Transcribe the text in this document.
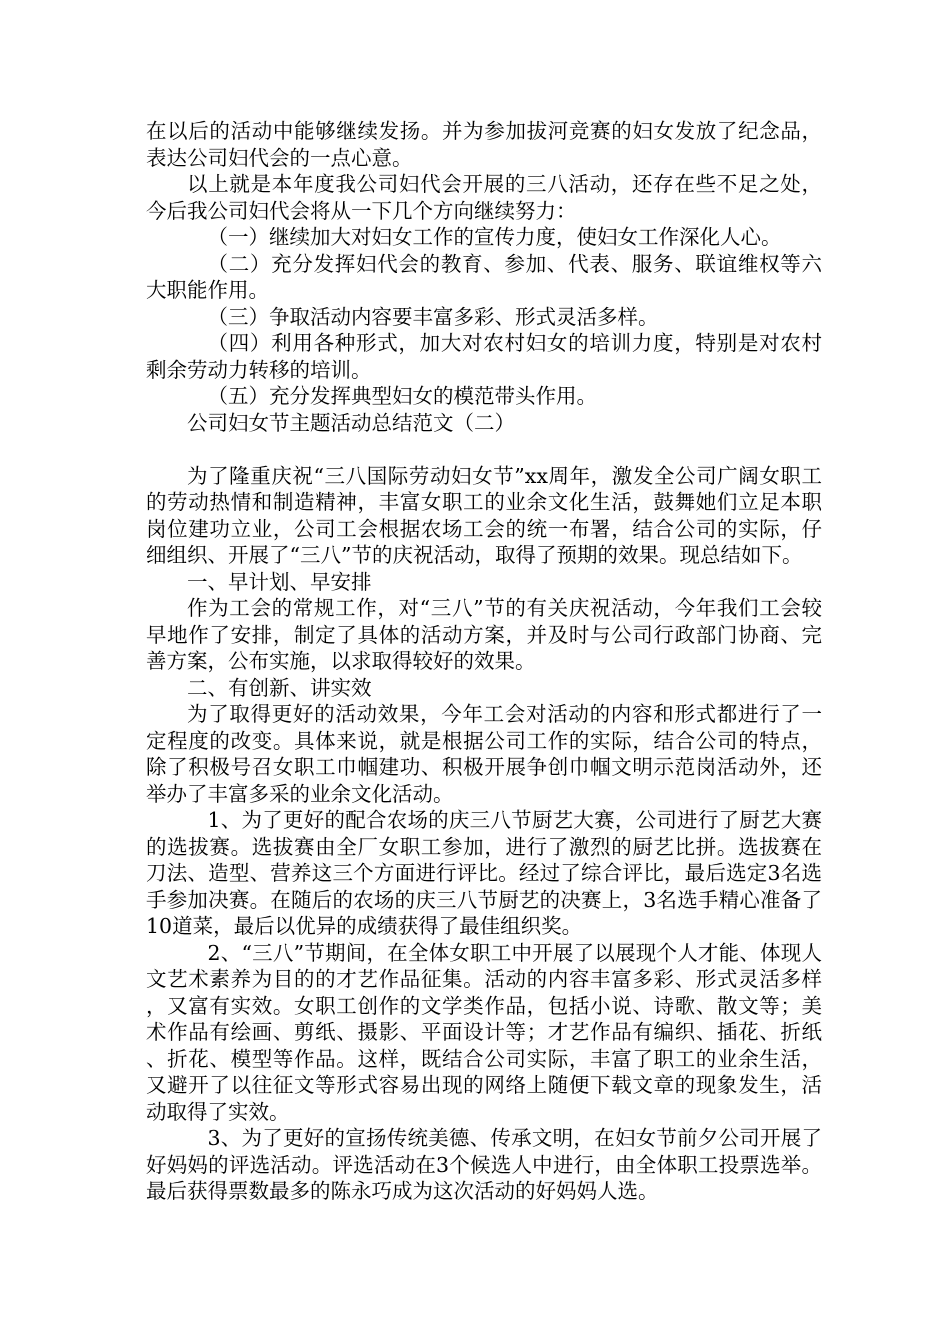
在以后的活动中能够继续发扬。并为参加拔河竞赛的妇女发放了纪念品，表达公司妇代会的一点心意。

以上就是本年度我公司妇代会开展的三八活动，还存在些不足之处，今后我公司妇代会将从一下几个方向继续努力：

（一）继续加大对妇女工作的宣传力度，使妇女工作深化人心。

（二）充分发挥妇代会的教育、参加、代表、服务、联谊维权等六大职能作用。

（三）争取活动内容要丰富多彩、形式灵活多样。

（四）利用各种形式，加大对农村妇女的培训力度，特别是对农村剩余劳动力转移的培训。

（五）充分发挥典型妇女的模范带头作用。

公司妇女节主题活动总结范文（二）

为了隆重庆祝“三八国际劳动妇女节”xx周年，激发全公司广阔女职工的劳动热情和制造精神，丰富女职工的业余文化生活，鼓舞她们立足本职岗位建功立业，公司工会根据农场工会的统一布署，结合公司的实际，仔细组织、开展了“三八”节的庆祝活动，取得了预期的效果。现总结如下。

一、早计划、早安排

作为工会的常规工作，对“三八”节的有关庆祝活动，今年我们工会较早地作了安排，制定了具体的活动方案，并及时与公司行政部门协商、完善方案，公布实施，以求取得较好的效果。

二、有创新、讲实效

为了取得更好的活动效果，今年工会对活动的内容和形式都进行了一定程度的改变。具体来说，就是根据公司工作的实际，结合公司的特点，除了积极号召女职工巾帼建功、积极开展争创巾帼文明示范岗活动外，还举办了丰富多采的业余文化活动。

1、为了更好的配合农场的庆三八节厨艺大赛，公司进行了厨艺大赛的选拔赛。选拔赛由全厂女职工参加，进行了激烈的厨艺比拼。选拔赛在刀法、造型、营养这三个方面进行评比。经过了综合评比，最后选定3名选手参加决赛。在随后的农场的庆三八节厨艺的决赛上，3名选手精心准备了10道菜，最后以优异的成绩获得了最佳组织奖。

2、“三八”节期间，在全体女职工中开展了以展现个人才能、体现人文艺术素养为目的的才艺作品征集。活动的内容丰富多彩、形式灵活多样，又富有实效。女职工创作的文学类作品，包括小说、诗歌、散文等；美术作品有绘画、剪纸、摄影、平面设计等；才艺作品有编织、插花、折纸、折花、模型等作品。这样，既结合公司实际，丰富了职工的业余生活，又避开了以往征文等形式容易出现的网络上随便下载文章的现象发生，活动取得了实效。

3、为了更好的宣扬传统美德、传承文明，在妇女节前夕公司开展了好妈妈的评选活动。评选活动在3个候选人中进行，由全体职工投票选举。最后获得票数最多的陈永巧成为这次活动的好妈妈人选。
